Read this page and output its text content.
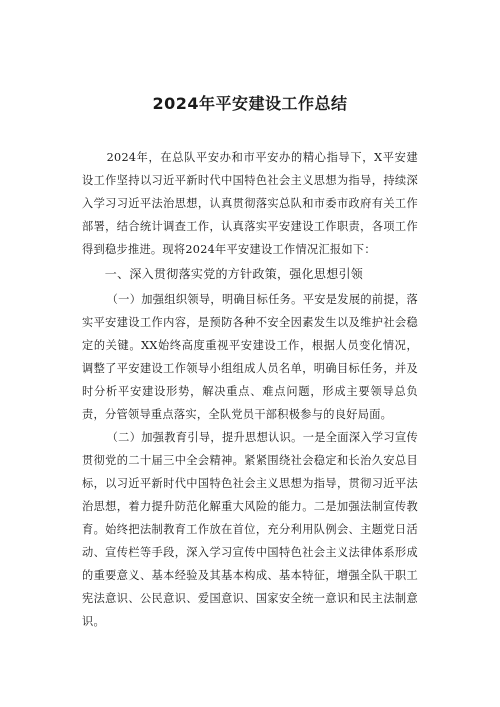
2024年平安建设工作总结

2024年，在总队平安办和市平安办的精心指导下，X平安建设工作坚持以习近平新时代中国特色社会主义思想为指导，持续深入学习习近平法治思想，认真贯彻落实总队和市委市政府有关工作部署，结合统计调查工作，认真落实平安建设工作职责，各项工作得到稳步推进。现将2024年平安建设工作情况汇报如下：

一、深入贯彻落实党的方针政策，强化思想引领

（一）加强组织领导，明确目标任务。平安是发展的前提，落实平安建设工作内容，是预防各种不安全因素发生以及维护社会稳定的关键。XX始终高度重视平安建设工作，根据人员变化情况，调整了平安建设工作领导小组组成人员名单，明确目标任务，并及时分析平安建设形势，解决重点、难点问题，形成主要领导总负责，分管领导重点落实，全队党员干部积极参与的良好局面。

（二）加强教育引导，提升思想认识。一是全面深入学习宣传贯彻党的二十届三中全会精神。紧紧围绕社会稳定和长治久安总目标，以习近平新时代中国特色社会主义思想为指导，贯彻习近平法治思想，着力提升防范化解重大风险的能力。二是加强法制宣传教育。始终把法制教育工作放在首位，充分利用队例会、主题党日活动、宣传栏等手段，深入学习宣传中国特色社会主义法律体系形成的重要意义、基本经验及其基本构成、基本特征，增强全队干职工宪法意识、公民意识、爱国意识、国家安全统一意识和民主法制意识。
